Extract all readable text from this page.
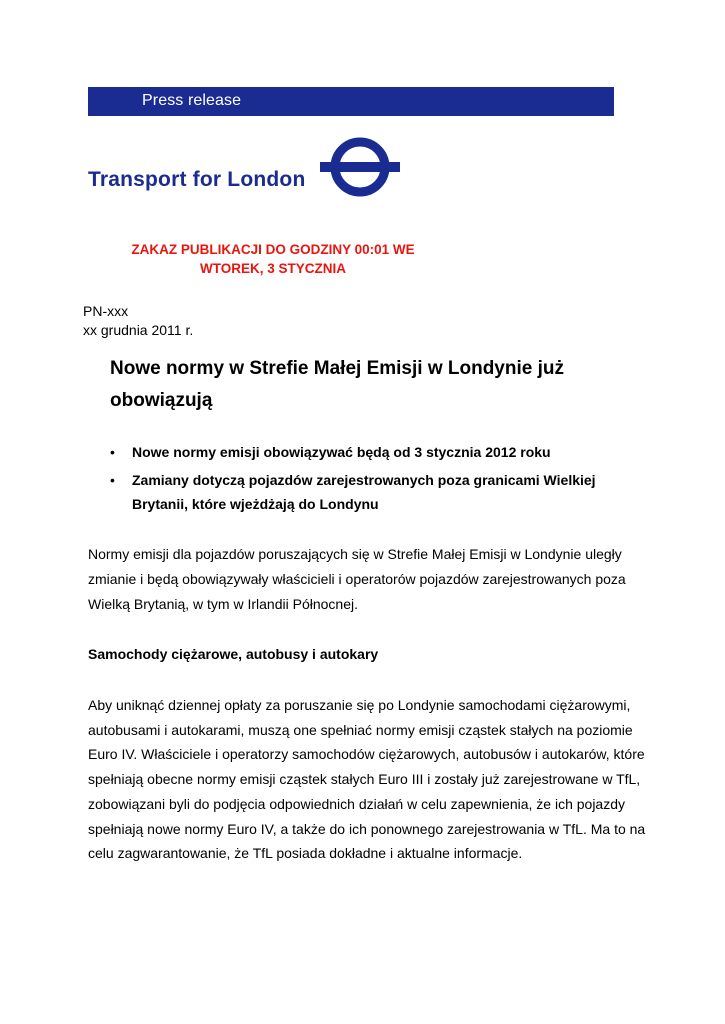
Press release
Transport for London
ZAKAZ PUBLIKACJI DO GODZINY 00:01 WE
WTOREK, 3 STYCZNIA
PN-xxx
xx grudnia 2011 r.
Nowe normy w Strefie Małej Emisji w Londynie już obowiązują
• Nowe normy emisji obowiązywać będą od 3 stycznia 2012 roku
• Zamiany dotyczą pojazdów zarejestrowanych poza granicami Wielkiej Brytanii, które wjeżdżają do Londynu

Normy emisji dla pojazdów poruszających się w Strefie Małej Emisji w Londynie uległy zmianie i będą obowiązywały właścicieli i operatorów pojazdów zarejestrowanych poza Wielką Brytanią, w tym w Irlandii Północnej.

Samochody ciężarowe, autobusy i autokary

Aby uniknąć dziennej opłaty za poruszanie się po Londynie samochodami ciężarowymi, autobusami i autokarami, muszą one spełniać normy emisji cząstek stałych na poziomie Euro IV. Właściciele i operatorzy samochodów ciężarowych, autobusów i autokarów, które spełniają obecne normy emisji cząstek stałych Euro III i zostały już zarejestrowane w TfL, zobowiązani byli do podjęcia odpowiednich działań w celu zapewnienia, że ich pojazdy spełniają nowe normy Euro IV, a także do ich ponownego zarejestrowania w TfL. Ma to na celu zagwarantowanie, że TfL posiada dokładne i aktualne informacje.
